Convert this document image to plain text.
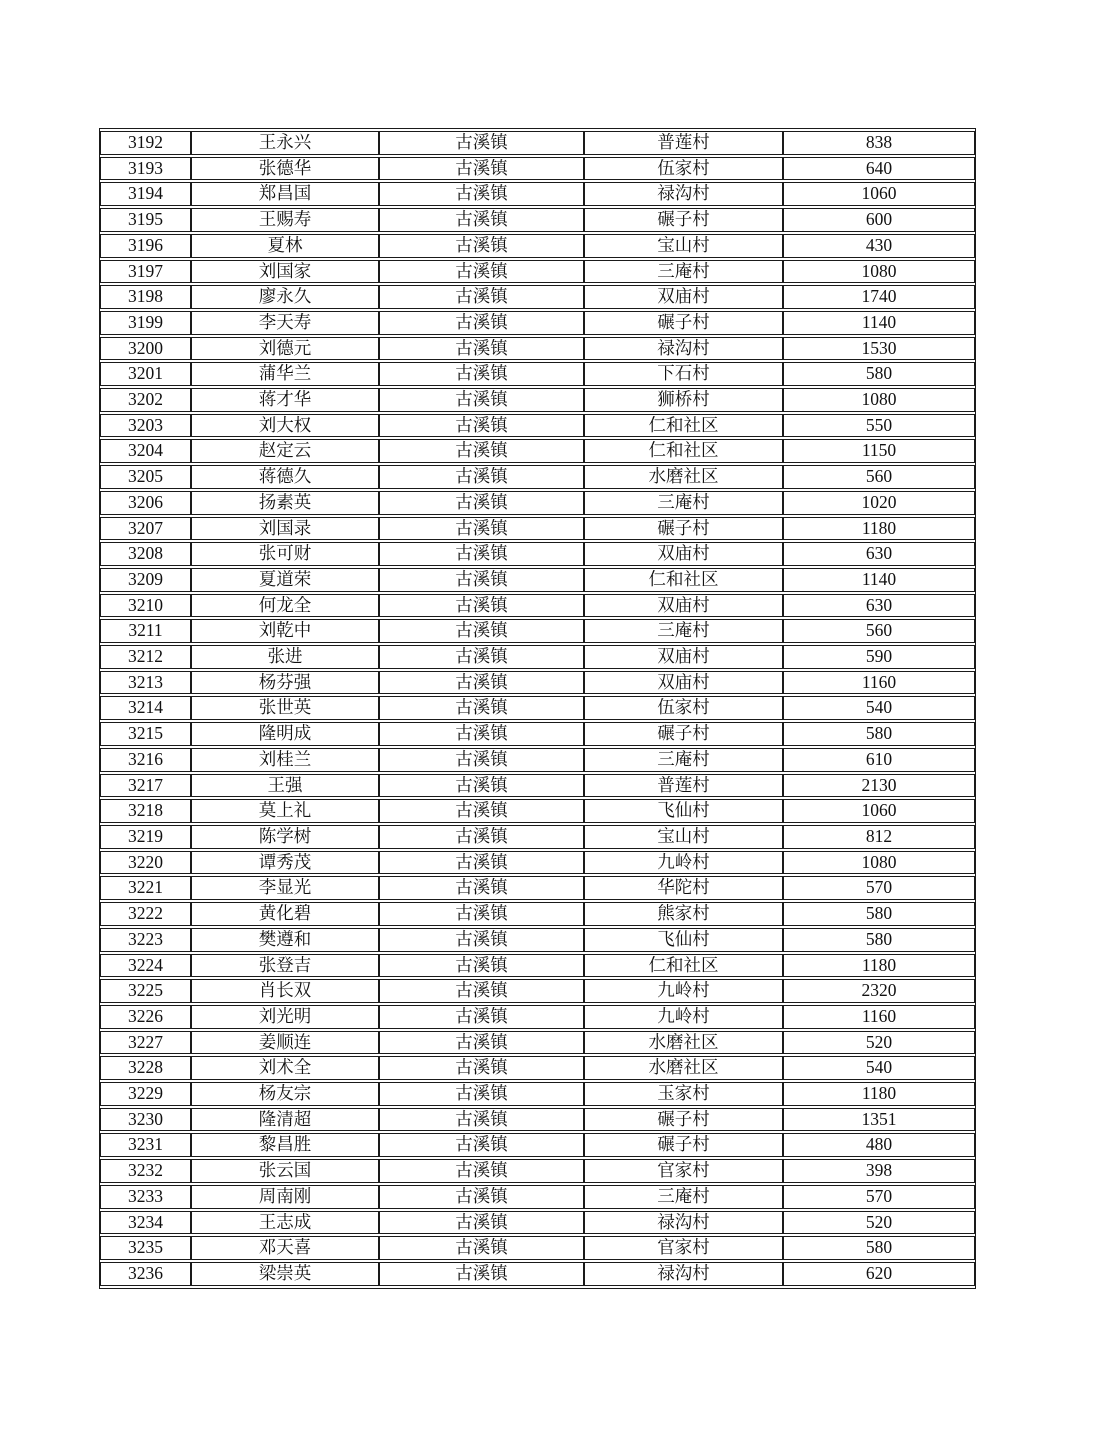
3192	王永兴	古溪镇	普莲村	838
3193	张德华	古溪镇	伍家村	640
3194	郑昌国	古溪镇	禄沟村	1060
3195	王赐寿	古溪镇	碾子村	600
3196	夏林	古溪镇	宝山村	430
3197	刘国家	古溪镇	三庵村	1080
3198	廖永久	古溪镇	双庙村	1740
3199	李天寿	古溪镇	碾子村	1140
3200	刘德元	古溪镇	禄沟村	1530
3201	蒲华兰	古溪镇	下石村	580
3202	蒋才华	古溪镇	狮桥村	1080
3203	刘大权	古溪镇	仁和社区	550
3204	赵定云	古溪镇	仁和社区	1150
3205	蒋德久	古溪镇	水磨社区	560
3206	扬素英	古溪镇	三庵村	1020
3207	刘国录	古溪镇	碾子村	1180
3208	张可财	古溪镇	双庙村	630
3209	夏道荣	古溪镇	仁和社区	1140
3210	何龙全	古溪镇	双庙村	630
3211	刘乾中	古溪镇	三庵村	560
3212	张进	古溪镇	双庙村	590
3213	杨芬强	古溪镇	双庙村	1160
3214	张世英	古溪镇	伍家村	540
3215	隆明成	古溪镇	碾子村	580
3216	刘桂兰	古溪镇	三庵村	610
3217	王强	古溪镇	普莲村	2130
3218	莫上礼	古溪镇	飞仙村	1060
3219	陈学树	古溪镇	宝山村	812
3220	谭秀茂	古溪镇	九岭村	1080
3221	李显光	古溪镇	华陀村	570
3222	黄化碧	古溪镇	熊家村	580
3223	樊遵和	古溪镇	飞仙村	580
3224	张登吉	古溪镇	仁和社区	1180
3225	肖长双	古溪镇	九岭村	2320
3226	刘光明	古溪镇	九岭村	1160
3227	姜顺连	古溪镇	水磨社区	520
3228	刘术全	古溪镇	水磨社区	540
3229	杨友宗	古溪镇	玉家村	1180
3230	隆清超	古溪镇	碾子村	1351
3231	黎昌胜	古溪镇	碾子村	480
3232	张云国	古溪镇	官家村	398
3233	周南刚	古溪镇	三庵村	570
3234	王志成	古溪镇	禄沟村	520
3235	邓天喜	古溪镇	官家村	580
3236	梁崇英	古溪镇	禄沟村	620
